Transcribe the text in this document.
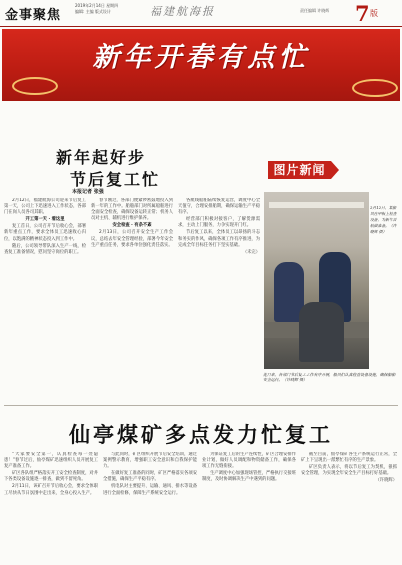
金事聚焦
2019年2月14日 星期四
编辑: 主编 版式设计	福建航海报	责任编辑 许晓辉 7 版
新年开春有点忙
新年起好步
节后复工忙
本报记者 张强

2月12日，福建航海公司迎来节后复工第一天，公司上下迅速进入工作状态，各部门在岗人员各司其职。

开工第一天 · 看这里

复工首日，公司召开节后收心会，部署新年重点工作，要求全体员工迅速收心归位，以饱满的精神状态投入到工作中。

随后，公司领导带队深入生产一线，检查复工准备情况，慰问坚守岗位的职工。

春节刚过，各部门便紧锣密鼓地投入到新一年的工作中。船舶部门对所属船舶进行全面安全检查，确保设备运转正常；机务人员对主机、辅机进行维护保养。

安全检查 · 有条不紊

2月13日，公司召开安全生产工作会议，总结去年安全管理经验，部署今年安全生产重点任务，要求各单位强化责任落实。

各航线船舶陆续恢复运营，调度中心全天值守，合理安排船期，确保运输生产平稳有序。

经营部门积极对接客户，了解货源需求，主动上门服务，力争实现开门红。

节后复工以来，全体员工以昂扬的斗志和务实的作风，确保各项工作有序推进，为完成全年目标任务打下坚实基础。

（未完）

图片新闻
2月12日，某船员在甲板上检查设备，为新年首航做准备。（许晓辉 摄）
连日来，各部门节后复工工作有序开展，船员们认真检查设备设施，确保船舶安全运行。（许晓辉 摄）
仙亭煤矿多点发力忙复工

“大家要安全第一，认真检查每一处隐患！”春节过后，仙亭煤矿迅速组织人员开展复工复产准备工作。

矿区各队组严格落实开工安全检查制度，对井下各类设备设施逐一排查，做到不留死角。

2月11日，该矿召开节后收心会，要求全体职工尽快从节日氛围中走出来，全身心投入生产。

与此同时，矿区组织开展节后安全培训，通过案例警示教育，增强职工安全意识和自我保护能力。

在做好复工准备的同时，矿区严格落实各项安全措施，确保生产平稳有序。

机电队对主要提升、运输、通风、排水等设备进行全面检修，保障生产系统安全运行。

为保证复工后的生产连续性，矿区合理安排作业计划，做好人员调配和物资储备工作，确保各项工作无缝衔接。

生产调度中心加强现场管控，严格执行交接班制度，及时协调解决生产中遇到的问题。

截至目前，仙亭煤矿各生产系统运行正常，全矿上下呈现出一派繁忙有序的生产景象。

矿区负责人表示，将以节后复工为契机，狠抓安全管理，为实现全年安全生产目标打好基础。

（许晓辉）
